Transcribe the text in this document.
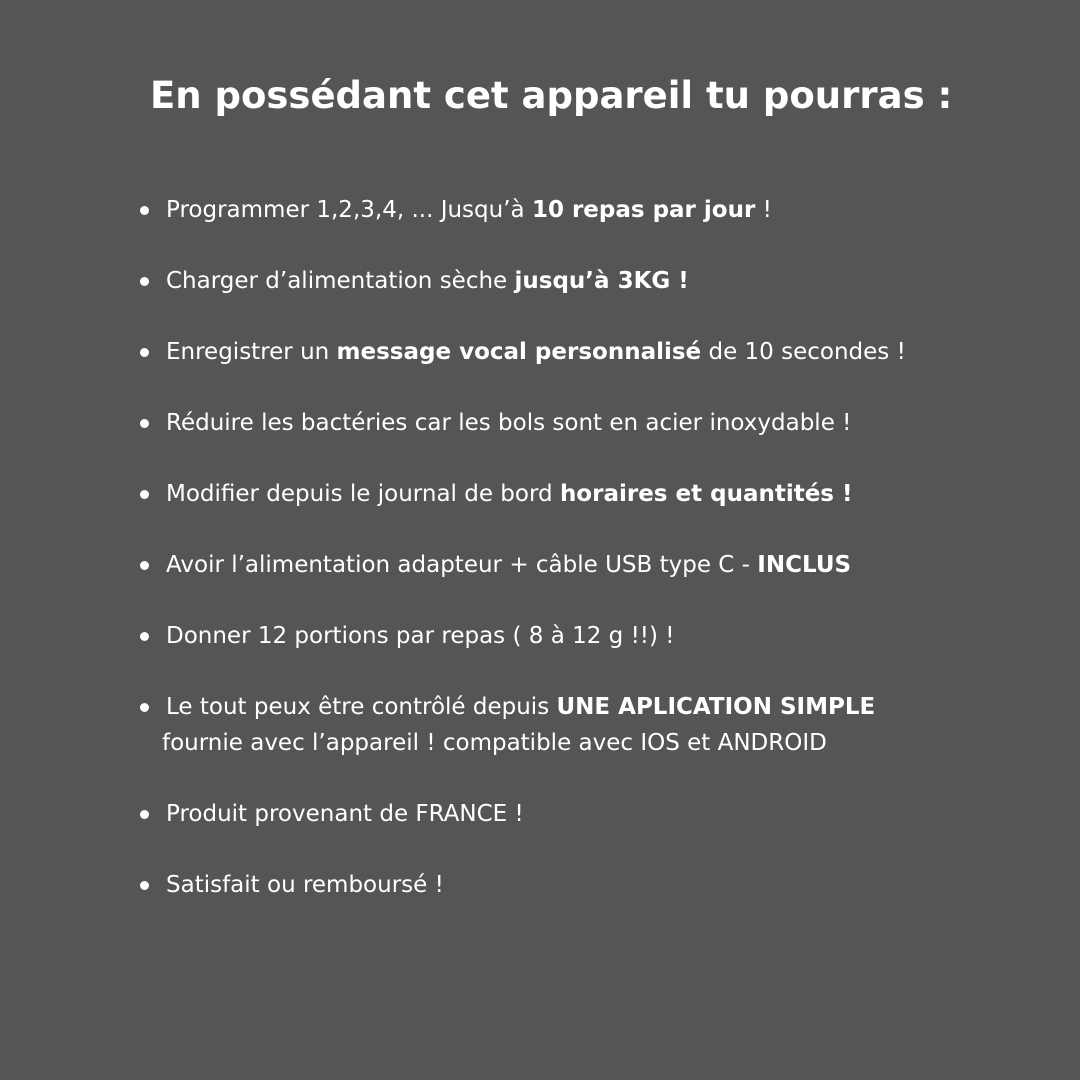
En possédant cet appareil tu pourras :
Programmer 1,2,3,4, ... Jusqu’à 10 repas par jour !
Charger d’alimentation sèche jusqu’à 3KG !
Enregistrer un message vocal personnalisé de 10 secondes !
Réduire les bactéries car les bols sont en acier inoxydable !
Modifier depuis le journal de bord horaires et quantités !
Avoir l’alimentation adapteur + câble USB type C - INCLUS
Donner 12 portions par repas ( 8 à 12 g !!) !
Le tout peux être contrôlé depuis UNE APLICATION SIMPLE
fournie avec l’appareil ! compatible avec IOS et ANDROID
Produit provenant de FRANCE !
Satisfait ou remboursé !
